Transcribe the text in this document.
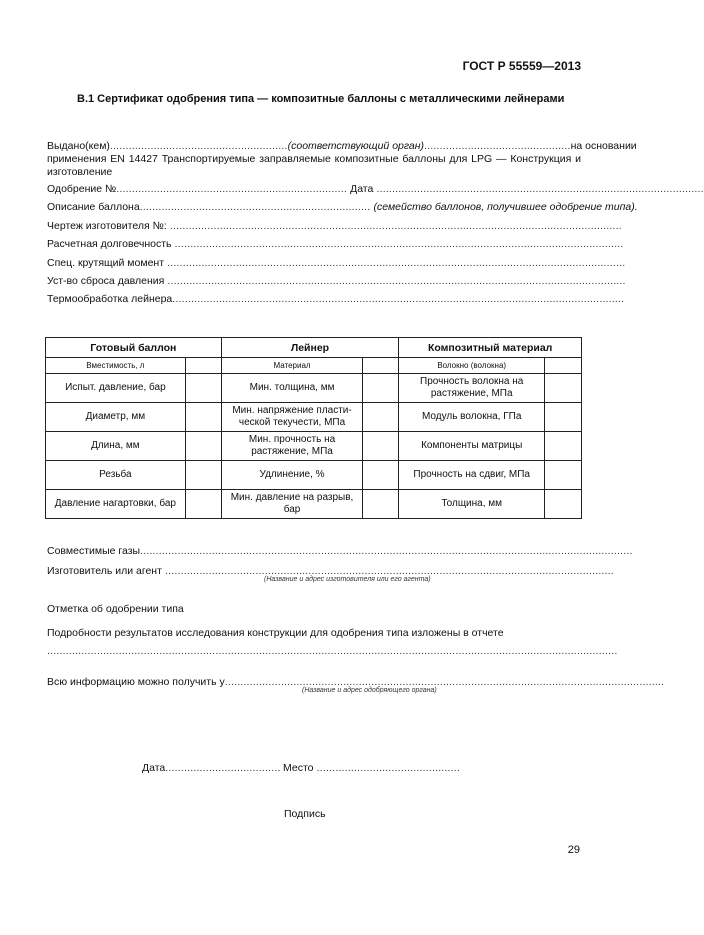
ГОСТ Р 55559—2013
В.1 Сертификат одобрения типа — композитные баллоны с металлическими лейнерами
Выдано(кем).........................................................(соответствующий орган)...............................................на основании
применения EN 14427 Транспортируемые заправляемые композитные баллоны для LPG — Конструкция и изготовление
Одобрение №.......................................................................... Дата .........................................................................................................
Описание баллона.......................................................................... (семейство баллонов, получившее одобрение типа).
Чертеж изготовителя №: .................................................................................................................................................
Расчетная долговечность ................................................................................................................................................
Спец. крутящий момент ...................................................................................................................................................
Уст-во сброса давления ...................................................................................................................................................
Термообработка лейнера.................................................................................................................................................
Готовый баллон		Лейнер		Композитный материал	
Вместимость, л		Материал		Волокно (волокна)	
Испыт. давление, бар		Мин. толщина, мм		Прочность волокна на растяжение, МПа	
Диаметр, мм		Мин. напряжение пласти-ческой текучести, МПа		Модуль волокна, ГПа	
Длина, мм		Мин. прочность на растяжение, МПа		Компоненты матрицы	
Резьба		Удлинение, %		Прочность на сдвиг, МПа	
Давление нагартовки, бар		Мин. давление на разрыв, бар		Толщина, мм	
Совместимые газы..............................................................................................................................................................
Изготовитель или агент ................................................................................................................................................
(Название и адрес изготовителя или его агента)
Отметка об одобрении типа
Подробности результатов исследования конструкции для одобрения типа изложены в отчете
.......................................................................................................................................................................................
Всю информацию можно получить у.............................................................................................................................................
(Название и адрес одобряющего органа)
Дата..................................... Место ..............................................
Подпись
29
